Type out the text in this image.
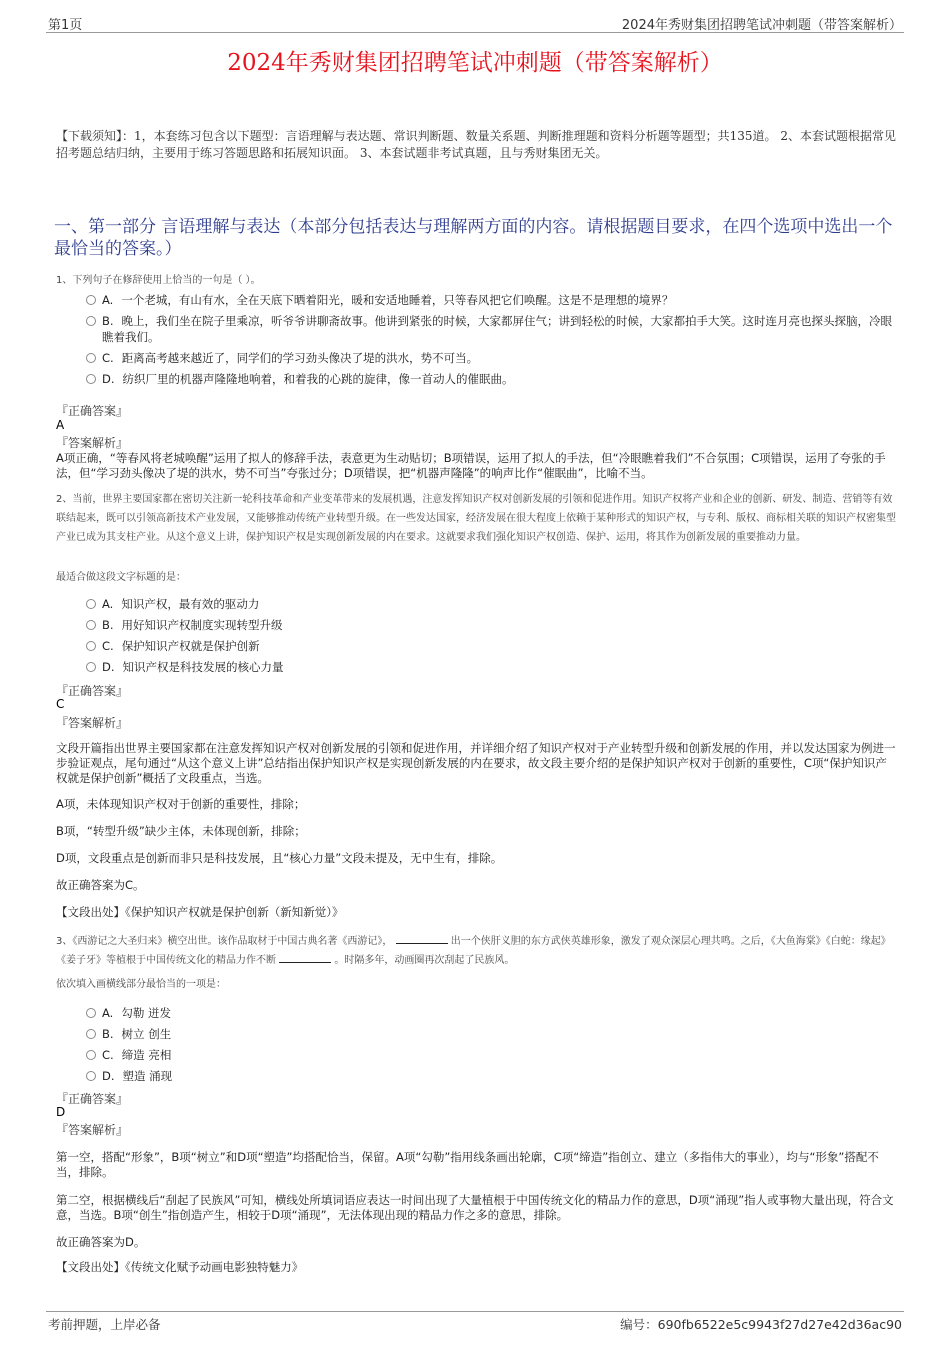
第1页	2024年秀财集团招聘笔试冲刺题（带答案解析）
2024年秀财集团招聘笔试冲刺题（带答案解析）
【下载须知】：1，本套练习包含以下题型：言语理解与表达题、常识判断题、数量关系题、判断推理题和资料分析题等题型；共135道。 2、本套试题根据常见招考题总结归纳，主要用于练习答题思路和拓展知识面。 3、本套试题非考试真题，且与秀财集团无关。
一、第一部分 言语理解与表达（本部分包括表达与理解两方面的内容。请根据题目要求，在四个选项中选出一个最恰当的答案。）
1、下列句子在修辞使用上恰当的一句是（ ）。
A. 一个老城，有山有水，全在天底下晒着阳光，暖和安适地睡着，只等春风把它们唤醒。这是不是理想的境界？
B. 晚上，我们坐在院子里乘凉，听爷爷讲聊斋故事。他讲到紧张的时候，大家都屏住气；讲到轻松的时候，大家都拍手大笑。这时连月亮也探头探脑，冷眼瞧着我们。
C. 距离高考越来越近了，同学们的学习劲头像决了堤的洪水，势不可当。
D. 纺织厂里的机器声隆隆地响着，和着我的心跳的旋律，像一首动人的催眠曲。
『正确答案』
A
『答案解析』
A项正确，“等春风将老城唤醒”运用了拟人的修辞手法，表意更为生动贴切；B项错误，运用了拟人的手法，但“冷眼瞧着我们”不合氛围；C项错误，运用了夸张的手法，但“学习劲头像决了堤的洪水，势不可当”夸张过分；D项错误，把“机器声隆隆”的响声比作“催眠曲”，比喻不当。
2、当前，世界主要国家都在密切关注新一轮科技革命和产业变革带来的发展机遇，注意发挥知识产权对创新发展的引领和促进作用。知识产权将产业和企业的创新、研发、制造、营销等有效联结起来，既可以引领高新技术产业发展，又能够推动传统产业转型升级。在一些发达国家，经济发展在很大程度上依赖于某种形式的知识产权，与专利、版权、商标相关联的知识产权密集型产业已成为其支柱产业。从这个意义上讲，保护知识产权是实现创新发展的内在要求。这就要求我们强化知识产权创造、保护、运用，将其作为创新发展的重要推动力量。
最适合做这段文字标题的是：
A. 知识产权，最有效的驱动力
B. 用好知识产权制度实现转型升级
C. 保护知识产权就是保护创新
D. 知识产权是科技发展的核心力量
『正确答案』
C
『答案解析』
文段开篇指出世界主要国家都在注意发挥知识产权对创新发展的引领和促进作用，并详细介绍了知识产权对于产业转型升级和创新发展的作用，并以发达国家为例进一步验证观点，尾句通过“从这个意义上讲”总结指出保护知识产权是实现创新发展的内在要求，故文段主要介绍的是保护知识产权对于创新的重要性，C项“保护知识产权就是保护创新”概括了文段重点，当选。
A项，未体现知识产权对于创新的重要性，排除；
B项，“转型升级”缺少主体，未体现创新，排除；
D项，文段重点是创新而非只是科技发展，且“核心力量”文段未提及，无中生有，排除。
故正确答案为C。
【文段出处】《保护知识产权就是保护创新（新知新觉）》
3、《西游记之大圣归来》横空出世。该作品取材于中国古典名著《西游记》，	出一个侠肝义胆的东方武侠英雄形象，激发了观众深层心理共鸣。之后，《大鱼海棠》《白蛇：缘起》《姜子牙》等植根于中国传统文化的精品力作不断	。时隔多年，动画圈再次刮起了民族风。
依次填入画横线部分最恰当的一项是：
A. 勾勒 迸发
B. 树立 创生
C. 缔造 亮相
D. 塑造 涌现
『正确答案』
D
『答案解析』
第一空，搭配“形象”，B项“树立”和D项“塑造”均搭配恰当，保留。A项“勾勒”指用线条画出轮廓，C项“缔造”指创立、建立（多指伟大的事业），均与“形象”搭配不当，排除。
第二空，根据横线后“刮起了民族风”可知，横线处所填词语应表达一时间出现了大量植根于中国传统文化的精品力作的意思，D项“涌现”指人或事物大量出现，符合文意，当选。B项“创生”指创造产生，相较于D项“涌现”，无法体现出现的精品力作之多的意思，排除。
故正确答案为D。
【文段出处】《传统文化赋予动画电影独特魅力》
考前押题，上岸必备	编号：690fb6522e5c9943f27d27e42d36ac90
